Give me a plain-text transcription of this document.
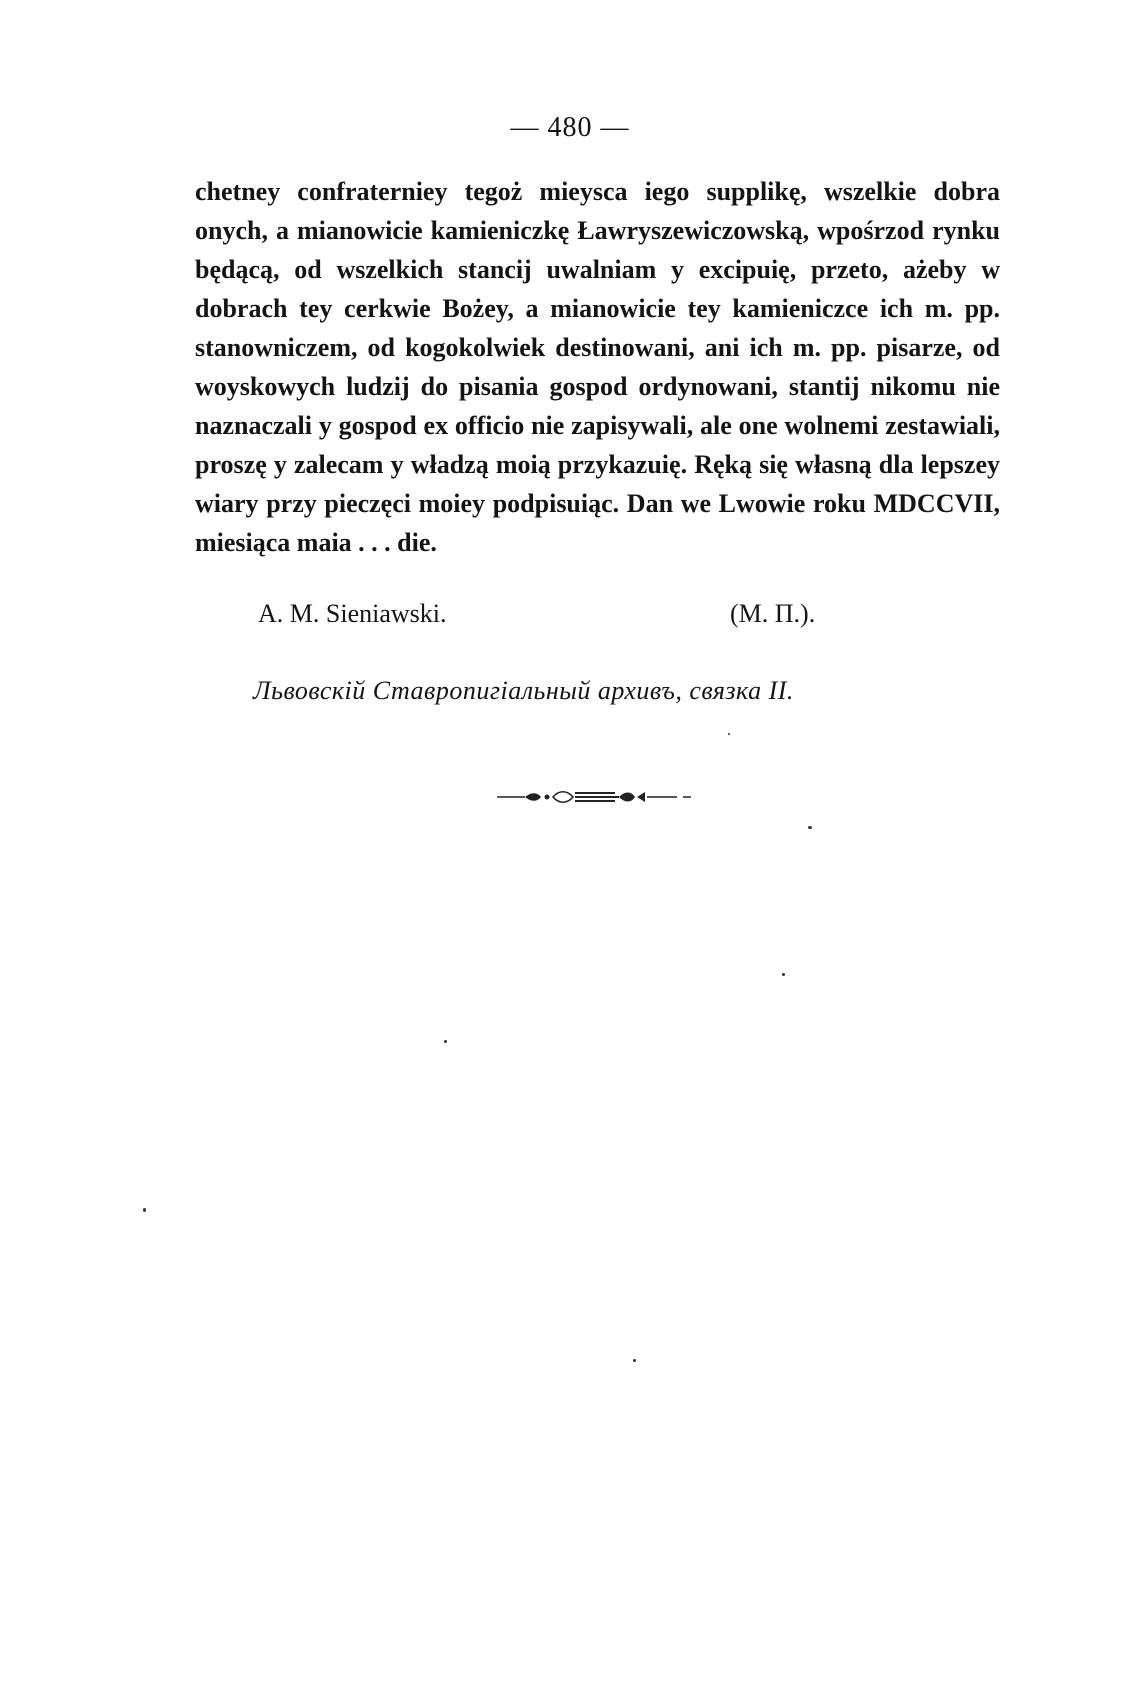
— 480 —

chetney confraterniey tegoż mieysca iego supplikę, wszelkie dobra onych, a mianowicie kamieniczkę Ławryszewiczowską, wpośrzod rynku będącą, od wszelkich stancij uwalniam y excipuię, przeto, ażeby w dobrach tey cerkwie Bożey, a mianowicie tey kamieniczce ich m. pp. stanowniczem, od kogokolwiek destinowani, ani ich m. pp. pisarze, od woyskowych ludzij do pisania gospod ordynowani, stantij nikomu nie naznaczali y gospod ex officio nie zapisywali, ale one wolnemi zestawiali, proszę y zalecam y władzą moią przykazuię. Ręką się własną dla lepszey wiary przy pieczęci moiey podpisuiąc. Dan we Lwowie roku MDCCVII, miesiąca maia . . . die.

A. M. Sieniawski.	(M. П.).
Львовскій Ставропигіальный архивъ, связка II.
